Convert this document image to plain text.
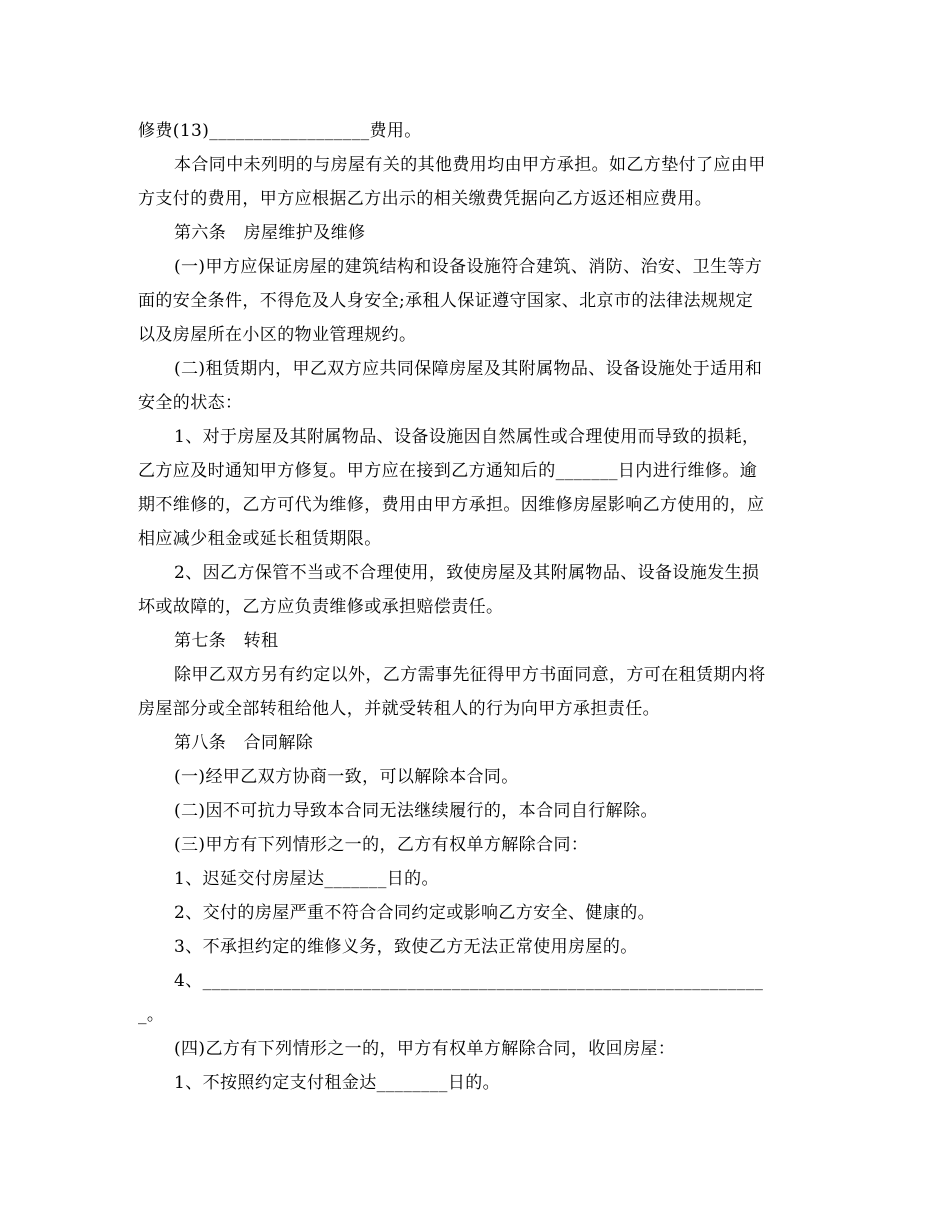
修费(13)__________________费用。
本合同中未列明的与房屋有关的其他费用均由甲方承担。如乙方垫付了应由甲
方支付的费用，甲方应根据乙方出示的相关缴费凭据向乙方返还相应费用。
第六条　房屋维护及维修
(一)甲方应保证房屋的建筑结构和设备设施符合建筑、消防、治安、卫生等方
面的安全条件，不得危及人身安全;承租人保证遵守国家、北京市的法律法规规定
以及房屋所在小区的物业管理规约。
(二)租赁期内，甲乙双方应共同保障房屋及其附属物品、设备设施处于适用和
安全的状态：
1、对于房屋及其附属物品、设备设施因自然属性或合理使用而导致的损耗，
乙方应及时通知甲方修复。甲方应在接到乙方通知后的_______日内进行维修。逾
期不维修的，乙方可代为维修，费用由甲方承担。因维修房屋影响乙方使用的，应
相应减少租金或延长租赁期限。
2、因乙方保管不当或不合理使用，致使房屋及其附属物品、设备设施发生损
坏或故障的，乙方应负责维修或承担赔偿责任。
第七条　转租
除甲乙双方另有约定以外，乙方需事先征得甲方书面同意，方可在租赁期内将
房屋部分或全部转租给他人，并就受转租人的行为向甲方承担责任。
第八条　合同解除
(一)经甲乙双方协商一致，可以解除本合同。
(二)因不可抗力导致本合同无法继续履行的，本合同自行解除。
(三)甲方有下列情形之一的，乙方有权单方解除合同：
1、迟延交付房屋达_______日的。
2、交付的房屋严重不符合合同约定或影响乙方安全、健康的。
3、不承担约定的维修义务，致使乙方无法正常使用房屋的。
4、_______________________________________________________________
_。
(四)乙方有下列情形之一的，甲方有权单方解除合同，收回房屋：
1、不按照约定支付租金达________日的。
